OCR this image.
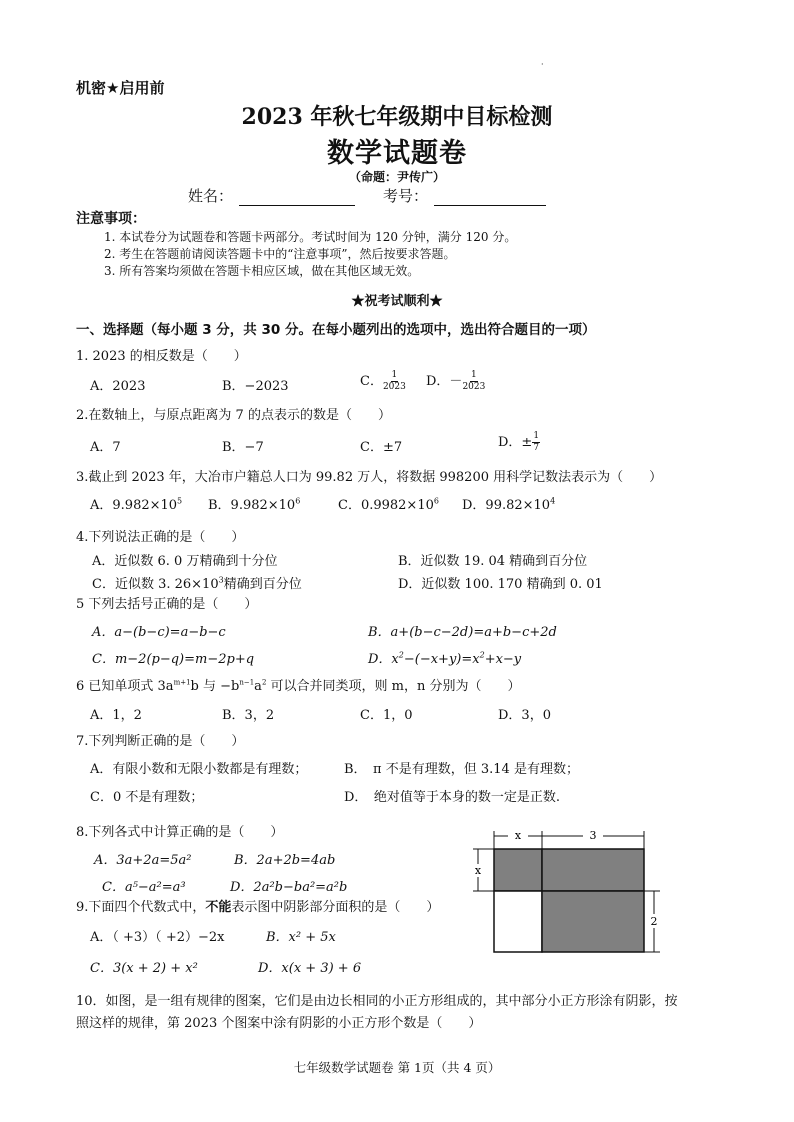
·
机密★启用前
2023 年秋七年级期中目标检测
数学试题卷
（命题：尹传广）
姓名：	考号：
注意事项：
1. 本试卷分为试题卷和答题卡两部分。考试时间为 120 分钟，满分 120 分。
2. 考生在答题前请阅读答题卡中的“注意事项”，然后按要求答题。
3. 所有答案均须做在答题卡相应区域，做在其他区域无效。
★祝考试顺利★
一、选择题（每小题 3 分，共 30 分。在每小题列出的选项中，选出符合题目的一项）
1. 2023 的相反数是（　　）
A．2023	B．−2023	C． $\frac{1}{2023}$ D．－ $\frac{1}{2023}$
2.在数轴上，与原点距离为 7 的点表示的数是（　　）
A．7	B．−7	C．±7	D．± $\frac{1}{7}$
3.截止到 2023 年，大冶市户籍总人口为 99.82 万人，将数据 998200 用科学记数法表示为（　　）
A．$9.982\times 10^5$ B．$9.982\times 10^6$	C．$0.9982\times 10^6$ D．$99.82\times 10^4$
4.下列说法正确的是（　　）
A．近似数 6. 0 万精确到十分位	B．近似数 19. 04 精确到百分位
C．近似数 3. $26\times 10^3$精确到百分位	D．近似数 100. 170 精确到 0. 01
5 下列去括号正确的是（　　）
A．a−(b−c)=a−b−c	B．a+(b−c−2d)=a+b−c+2d
C．m−2(p−q)=m−2p+q	D．$x^2-(-x+y)=x^2+x-y$
6 已知单项式 $3a^{m+1}b$ 与 $-b^{n-1}a^2$ 可以合并同类项，则 m，n 分别为（　　）
A．1，2	B．3，2	C．1，0	D．3，0
7.下列判断正确的是（　　）
A．有限小数和无限小数都是有理数；	B．　π 不是有理数，但 3.14 是有理数；
C．0 不是有理数；	D．　绝对值等于本身的数一定是正数.
8.下列各式中计算正确的是（　　）
A．3a+2a=5a²	B．2a+2b=4ab
C．a⁵−a²=a³	D．2a²b−ba²=a²b
9.下面四个代数式中，不能表示图中阴影部分面积的是（　　）
A．（ +3）（ +2）−2x	B．x² + 5x
C．3(x + 2) + x²	D．x(x + 3) + 6
x	3
x
2
10．如图，是一组有规律的图案，它们是由边长相同的小正方形组成的，其中部分小正方形涂有阴影，按
照这样的规律，第 2023 个图案中涂有阴影的小正方形个数是（　　）
七年级数学试题卷 第 1页（共 4 页）
